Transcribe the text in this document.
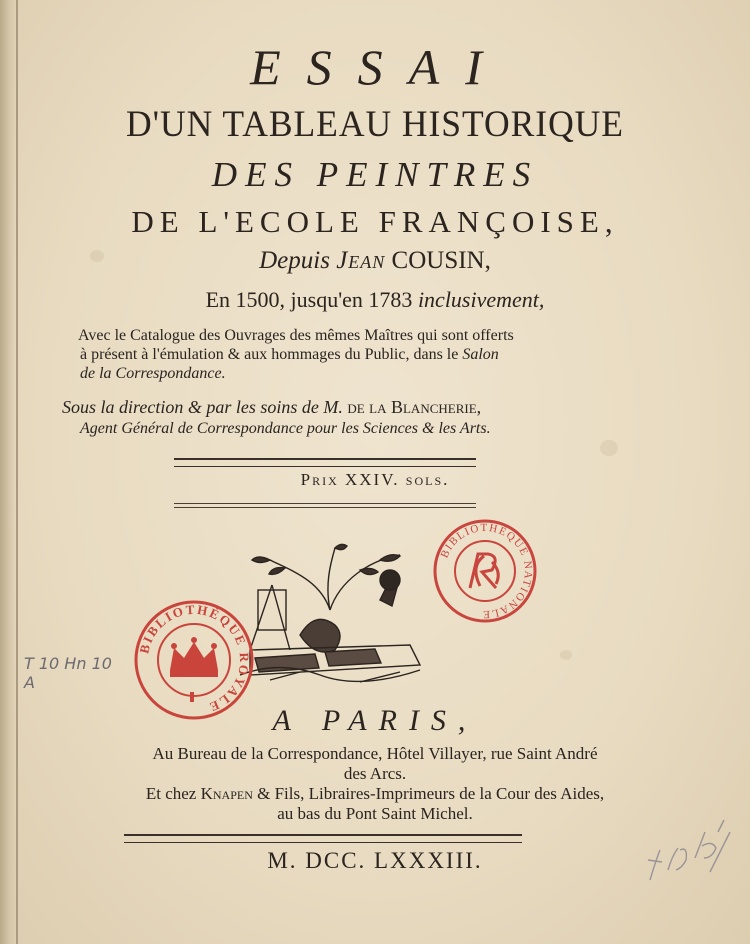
ESSAI
D'UN TABLEAU HISTORIQUE
DES PEINTRES
DE L'ECOLE FRANÇOISE,
Depuis Jean COUSIN,
En 1500, jusqu'en 1783 inclusivement,
Avec le Catalogue des Ouvrages des mêmes Maîtres qui sont offerts
à présent à l'émulation & aux hommages du Public, dans le Salon
de la Correspondance.
Sous la direction & par les soins de M. de la Blancherie,
Agent Général de Correspondance pour les Sciences & les Arts.
Prix XXIV. sols.
BIBLIOTHÈQUE NATIONALE
BIBLIOTHÈQUE ROYALE
T 10 Hn 10 A
A PARIS,
Au Bureau de la Correspondance, Hôtel Villayer, rue Saint André
des Arcs.
Et chez Knapen & Fils, Libraires-Imprimeurs de la Cour des Aides,
au bas du Pont Saint Michel.
M. DCC. LXXXIII.
